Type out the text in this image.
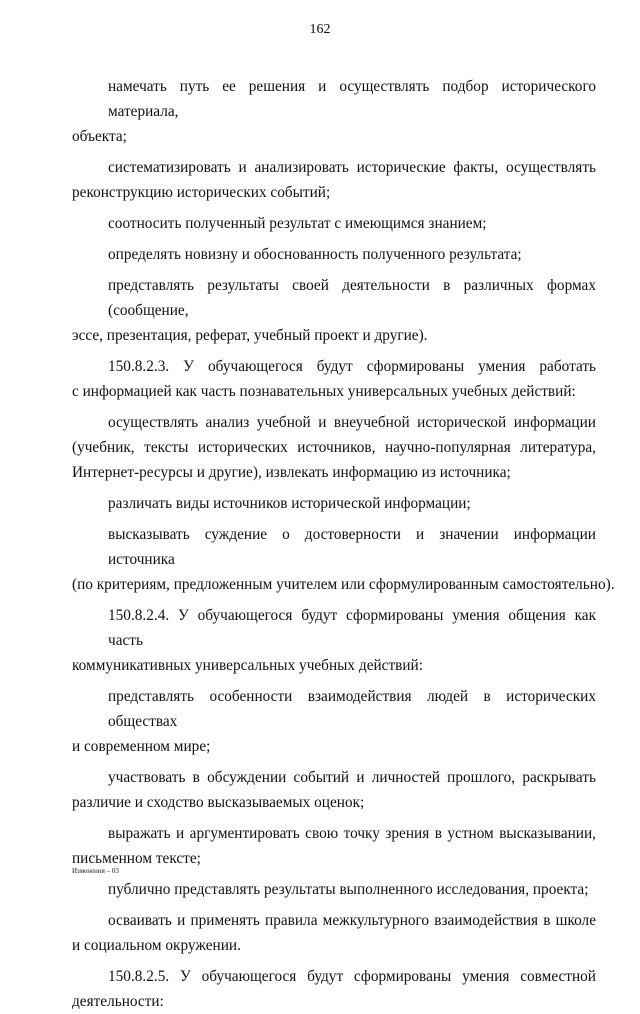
162
намечать путь ее решения и осуществлять подбор исторического материала,
объекта;
систематизировать и анализировать исторические факты, осуществлять
реконструкцию исторических событий;
соотносить полученный результат с имеющимся знанием;
определять новизну и обоснованность полученного результата;
представлять результаты своей деятельности в различных формах (сообщение,
эссе, презентация, реферат, учебный проект и другие).
150.8.2.3. У обучающегося будут сформированы умения работать
с информацией как часть познавательных универсальных учебных действий:
осуществлять анализ учебной и внеучебной исторической информации
(учебник, тексты исторических источников, научно-популярная литература,
Интернет-ресурсы и другие), извлекать информацию из источника;
различать виды источников исторической информации;
высказывать суждение о достоверности и значении информации источника
(по критериям, предложенным учителем или сформулированным самостоятельно).
150.8.2.4. У обучающегося будут сформированы умения общения как часть
коммуникативных универсальных учебных действий:
представлять особенности взаимодействия людей в исторических обществах
и современном мире;
участвовать в обсуждении событий и личностей прошлого, раскрывать
различие и сходство высказываемых оценок;
выражать и аргументировать свою точку зрения в устном высказывании,
письменном тексте;
публично представлять результаты выполненного исследования, проекта;
осваивать и применять правила межкультурного взаимодействия в школе
и социальном окружении.
150.8.2.5. У обучающегося будут сформированы умения совместной
деятельности:
Изменения – 03
